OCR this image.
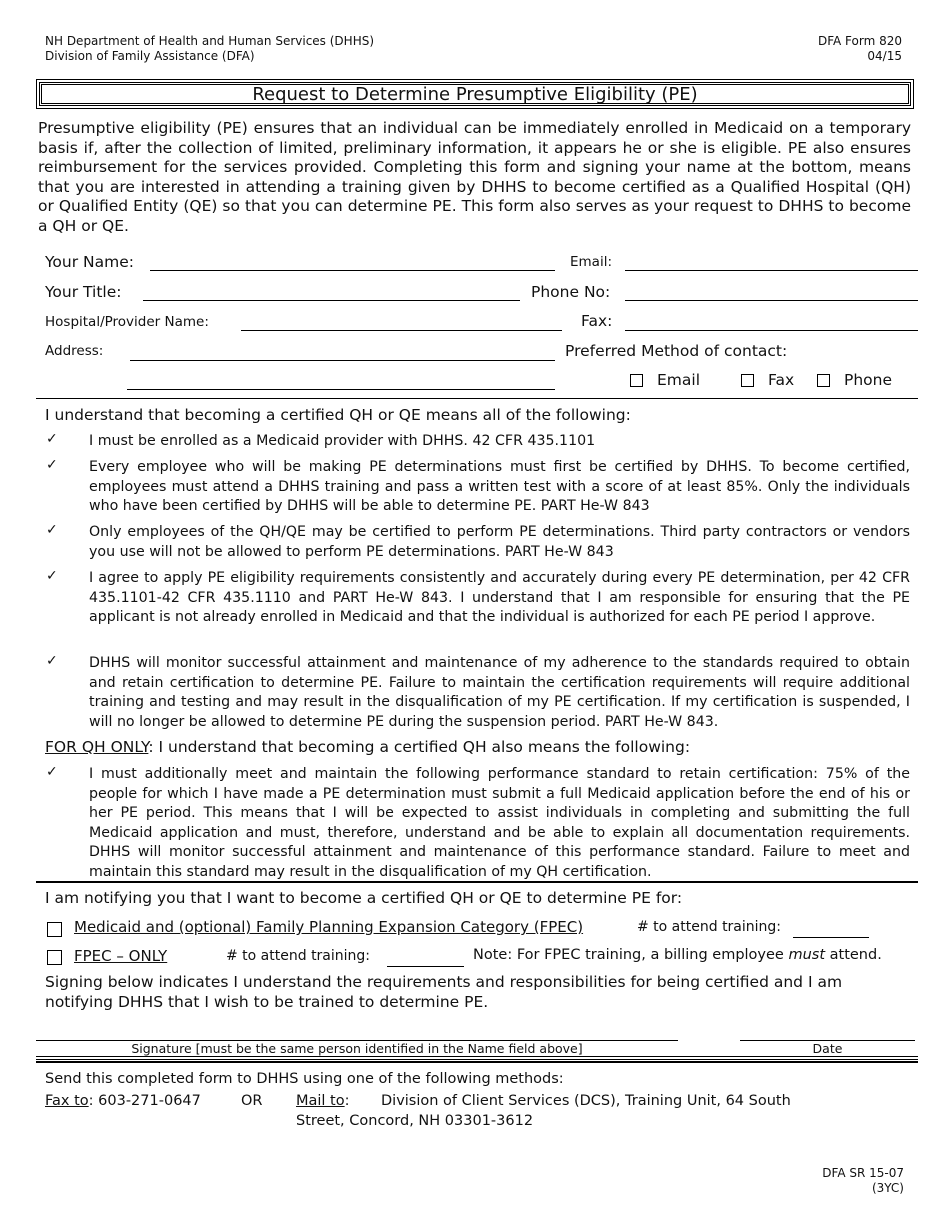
NH Department of Health and Human Services (DHHS)
Division of Family Assistance (DFA)
DFA Form 820
04/15
Request to Determine Presumptive Eligibility (PE)
Presumptive eligibility (PE) ensures that an individual can be immediately enrolled in Medicaid on a temporary basis if, after the collection of limited, preliminary information, it appears he or she is eligible. PE also ensures reimbursement for the services provided. Completing this form and signing your name at the bottom, means that you are interested in attending a training given by DHHS to become certified as a Qualified Hospital (QH) or Qualified Entity (QE) so that you can determine PE. This form also serves as your request to DHHS to become a QH or QE.
Your Name:	Email:
Your Title:	Phone No:
Hospital/Provider Name:	Fax:
Address:	Preferred Method of contact:
Email	Fax	Phone
I understand that becoming a certified QH or QE means all of the following:
✓ I must be enrolled as a Medicaid provider with DHHS. 42 CFR 435.1101
✓ Every employee who will be making PE determinations must first be certified by DHHS. To become certified, employees must attend a DHHS training and pass a written test with a score of at least 85%. Only the individuals who have been certified by DHHS will be able to determine PE. PART He-W 843
✓ Only employees of the QH/QE may be certified to perform PE determinations. Third party contractors or vendors you use will not be allowed to perform PE determinations. PART He-W 843
✓ I agree to apply PE eligibility requirements consistently and accurately during every PE determination, per 42 CFR 435.1101-42 CFR 435.1110 and PART He-W 843. I understand that I am responsible for ensuring that the PE applicant is not already enrolled in Medicaid and that the individual is authorized for each PE period I approve.
✓ DHHS will monitor successful attainment and maintenance of my adherence to the standards required to obtain and retain certification to determine PE. Failure to maintain the certification requirements will require additional training and testing and may result in the disqualification of my PE certification. If my certification is suspended, I will no longer be allowed to determine PE during the suspension period. PART He-W 843.
FOR QH ONLY: I understand that becoming a certified QH also means the following:
✓ I must additionally meet and maintain the following performance standard to retain certification: 75% of the people for which I have made a PE determination must submit a full Medicaid application before the end of his or her PE period. This means that I will be expected to assist individuals in completing and submitting the full Medicaid application and must, therefore, understand and be able to explain all documentation requirements. DHHS will monitor successful attainment and maintenance of this performance standard. Failure to meet and maintain this standard may result in the disqualification of my QH certification.
I am notifying you that I want to become a certified QH or QE to determine PE for:
Medicaid and (optional) Family Planning Expansion Category (FPEC)	# to attend training:
FPEC – ONLY	# to attend training:	Note: For FPEC training, a billing employee must attend.
Signing below indicates I understand the requirements and responsibilities for being certified and I am notifying DHHS that I wish to be trained to determine PE.
Signature [must be the same person identified in the Name field above]	Date
Send this completed form to DHHS using one of the following methods:
Fax to: 603-271-0647	OR Mail to: Division of Client Services (DCS), Training Unit, 64 South
Street, Concord, NH 03301-3612
DFA SR 15-07
(3YC)
